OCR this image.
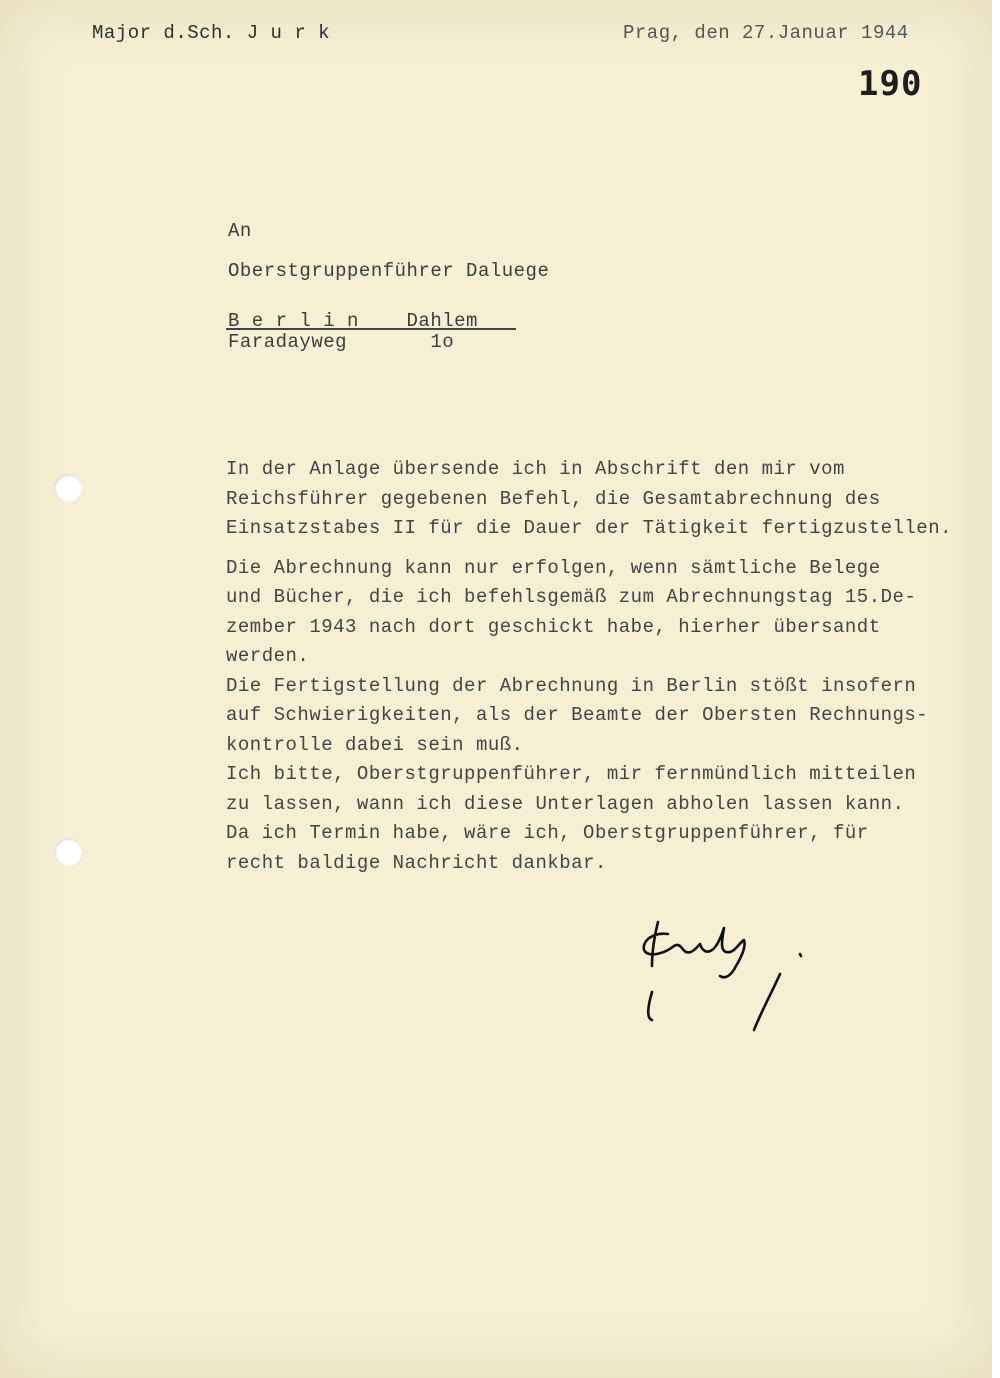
Major d.Sch. J u r k	Prag, den 27.Januar 1944
190
An
Oberstgruppenführer Daluege
B e r l i n    Dahlem
Faradayweg       1o
In der Anlage übersende ich in Abschrift den mir vom
Reichsführer gegebenen Befehl, die Gesamtabrechnung des
Einsatzstabes II für die Dauer der Tätigkeit fertigzustellen.
Die Abrechnung kann nur erfolgen, wenn sämtliche Belege
und Bücher, die ich befehlsgemäß zum Abrechnungstag 15.De-
zember 1943 nach dort geschickt habe, hierher übersandt
werden.
Die Fertigstellung der Abrechnung in Berlin stößt insofern
auf Schwierigkeiten, als der Beamte der Obersten Rechnungs-
kontrolle dabei sein muß.
Ich bitte, Oberstgruppenführer, mir fernmündlich mitteilen
zu lassen, wann ich diese Unterlagen abholen lassen kann.
Da ich Termin habe, wäre ich, Oberstgruppenführer, für
recht baldige Nachricht dankbar.
